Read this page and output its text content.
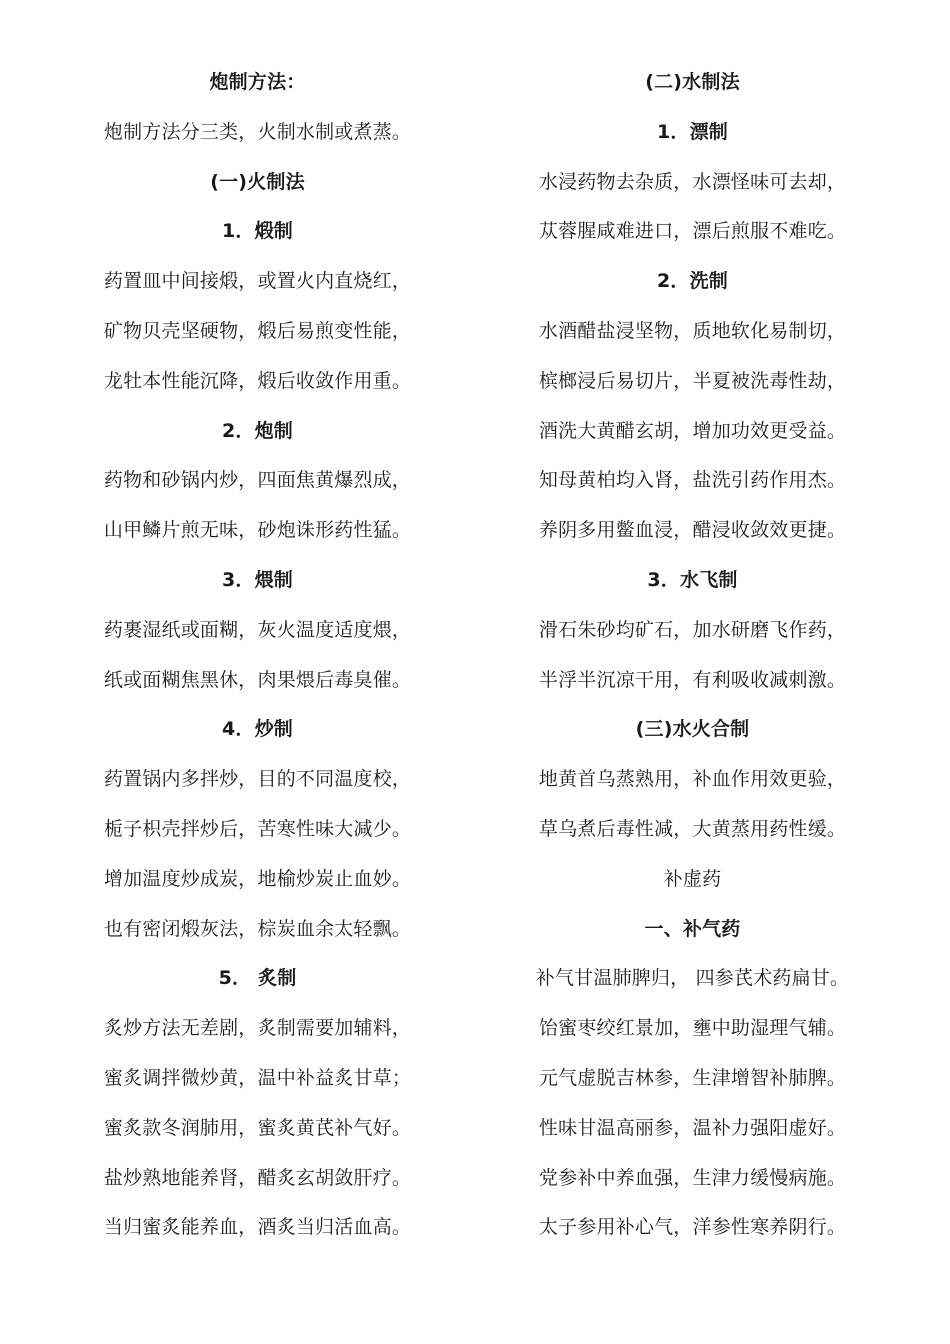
炮制方法：
炮制方法分三类，火制水制或煮蒸。
(一)火制法
1．煅制
药置皿中间接煅，或置火内直烧红，
矿物贝壳坚硬物，煅后易煎变性能，
龙牡本性能沉降，煅后收敛作用重。
2．炮制
药物和砂锅内炒，四面焦黄爆烈成，
山甲鳞片煎无味，砂炮诛形药性猛。
3．煨制
药裹湿纸或面糊，灰火温度适度煨，
纸或面糊焦黑休，肉果煨后毒臭催。
4．炒制
药置锅内多拌炒，目的不同温度校，
栀子枳壳拌炒后，苦寒性味大减少。
增加温度炒成炭，地榆炒炭止血妙。
也有密闭煅灰法，棕炭血余太轻飘。
5． 炙制
炙炒方法无差剧，炙制需要加辅料，
蜜炙调拌微炒黄，温中补益炙甘草；
蜜炙款冬润肺用，蜜炙黄芪补气好。
盐炒熟地能养肾，醋炙玄胡敛肝疗。
当归蜜炙能养血，酒炙当归活血高。
(二)水制法
1．漂制
水浸药物去杂质，水漂怪味可去却，
苁蓉腥咸难进口，漂后煎服不难吃。
2．洗制
水酒醋盐浸坚物，质地软化易制切，
槟榔浸后易切片，半夏被洗毒性劫，
酒洗大黄醋玄胡，增加功效更受益。
知母黄柏均入肾，盐洗引药作用杰。
养阴多用鳖血浸，醋浸收敛效更捷。
3．水飞制
滑石朱砂均矿石，加水研磨飞作药，
半浮半沉凉干用，有利吸收减刺激。
(三)水火合制
地黄首乌蒸熟用，补血作用效更验，
草乌煮后毒性减，大黄蒸用药性缓。
补虚药
一、补气药
补气甘温肺脾归， 四参芪术药扁甘。
饴蜜枣绞红景加，壅中助湿理气辅。
元气虚脱吉林参，生津增智补肺脾。
性味甘温高丽参，温补力强阳虚好。
党参补中养血强，生津力缓慢病施。
太子参用补心气，洋参性寒养阴行。
